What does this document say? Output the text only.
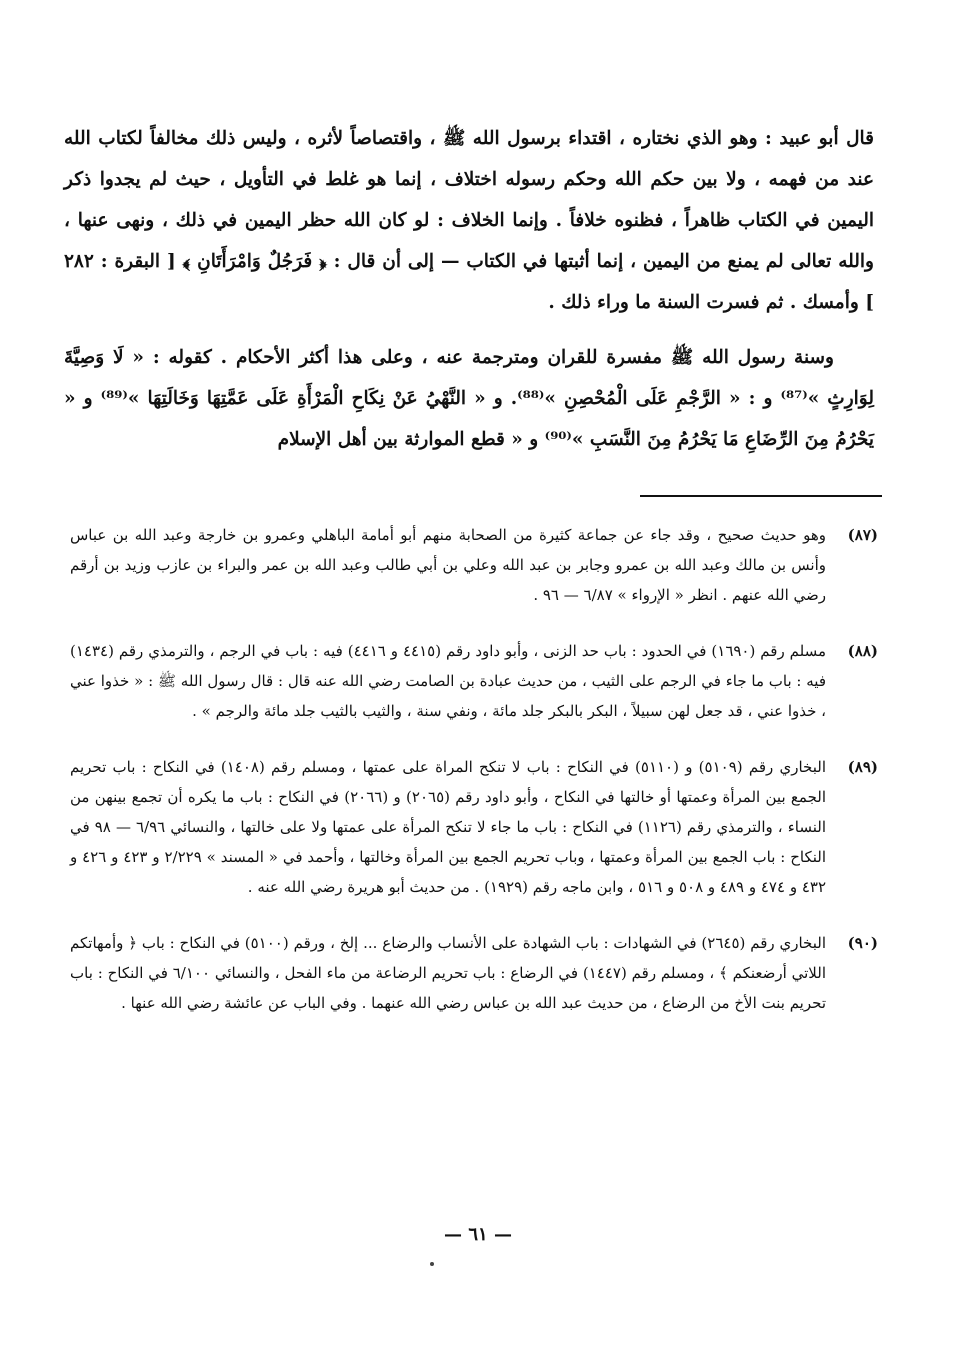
قال أبو عبيد : وهو الذي نختاره ، اقتداء برسول الله ﷺ ، واقتصاصاً لأثره ، وليس ذلك مخالفاً لكتاب الله عند من فهمه ، ولا بين حكم الله وحكم رسوله اختلاف ، إنما هو غلط في التأويل ، حيث لم يجدوا ذكر اليمين في الكتاب ظاهراً ، فظنوه خلافاً . وإنما الخلاف : لو كان الله حظر اليمين في ذلك ، ونهى عنها ، والله تعالى لم يمنع من اليمين ، إنما أثبتها في الكتاب — إلى أن قال : ﴿ فَرَجُلٌ وَامْرَأَتَانِ ﴾ [ البقرة : ٢٨٢ ] وأمسك . ثم فسرت السنة ما وراء ذلك .

وسنة رسول الله ﷺ مفسرة للقران ومترجمة عنه ، وعلى هذا أكثر الأحكام . كقوله : « لَا وَصِيَّةَ لِوَارِثٍ »⁽⁸⁷⁾ و : « الرَّجْمِ عَلَى الْمُحْصِنِ »⁽⁸⁸⁾. و « النَّهْيُ عَنْ نِكَاحِ الْمَرْأَةِ عَلَى عَمَّتِهَا وَخَالَتِهَا »⁽⁸⁹⁾ و « يَحْرُمُ مِنَ الرِّضَاعِ مَا يَحْرُمُ مِنَ النَّسَبِ »⁽⁹⁰⁾ و « قطع الموارثة بين أهل الإسلام

(٨٧)

وهو حديث صحيح ، وقد جاء عن جماعة كثيرة من الصحابة منهم أبو أمامة الباهلي وعمرو بن خارجة وعبد الله بن عباس وأنس بن مالك وعبد الله بن عمرو وجابر بن عبد الله وعلي بن أبي طالب وعبد الله بن عمر والبراء بن عازب وزيد بن أرقم رضي الله عنهم . انظر « الإرواء » ٦/٨٧ — ٩٦ .

(٨٨)

مسلم رقم (١٦٩٠) في الحدود : باب حد الزنى ، وأبو داود رقم (٤٤١٥ و ٤٤١٦) فيه : باب في الرجم ، والترمذي رقم (١٤٣٤) فيه : باب ما جاء في الرجم على الثيب ، من حديث عبادة بن الصامت رضي الله عنه قال : قال رسول الله ﷺ : « خذوا عني ، خذوا عني ، قد جعل لهن سبيلاً ، البكر بالبكر جلد مائة ، ونفي سنة ، والثيب بالثيب جلد مائة والرجم » .

(٨٩)

البخاري رقم (٥١٠٩) و (٥١١٠) في النكاح : باب لا تنكح المراة على عمتها ، ومسلم رقم (١٤٠٨) في النكاح : باب تحريم الجمع بين المرأة وعمتها أو خالتها في النكاح ، وأبو داود رقم (٢٠٦٥) و (٢٠٦٦) في النكاح : باب ما يكره أن تجمع بينهن من النساء ، والترمذي رقم (١١٢٦) في النكاح : باب ما جاء لا تنكح المرأة على عمتها ولا على خالتها ، والنسائي ٦/٩٦ — ٩٨ في النكاح : باب الجمع بين المرأة وعمتها ، وباب تحريم الجمع بين المرأة وخالتها ، وأحمد في « المسند » ٢/٢٢٩ و ٤٢٣ و ٤٢٦ و ٤٣٢ و ٤٧٤ و ٤٨٩ و ٥٠٨ و ٥١٦ ، وابن ماجه رقم (١٩٢٩) . من حديث أبو هريرة رضي الله عنه .

(٩٠)

البخاري رقم (٢٦٤٥) في الشهادات : باب الشهادة على الأنساب والرضاع ... إلخ ، ورقم (٥١٠٠) في النكاح : باب ﴿ وأمهاتكم اللاتي أرضعنكم ﴾ ، ومسلم رقم (١٤٤٧) في الرضاع : باب تحريم الرضاعة من ماء الفحل ، والنسائي ٦/١٠٠ في النكاح : باب تحريم بنت الأخ من الرضاع ، من حديث عبد الله بن عباس رضي الله عنهما . وفي الباب عن عائشة رضي الله عنها .

— ٦١ —
